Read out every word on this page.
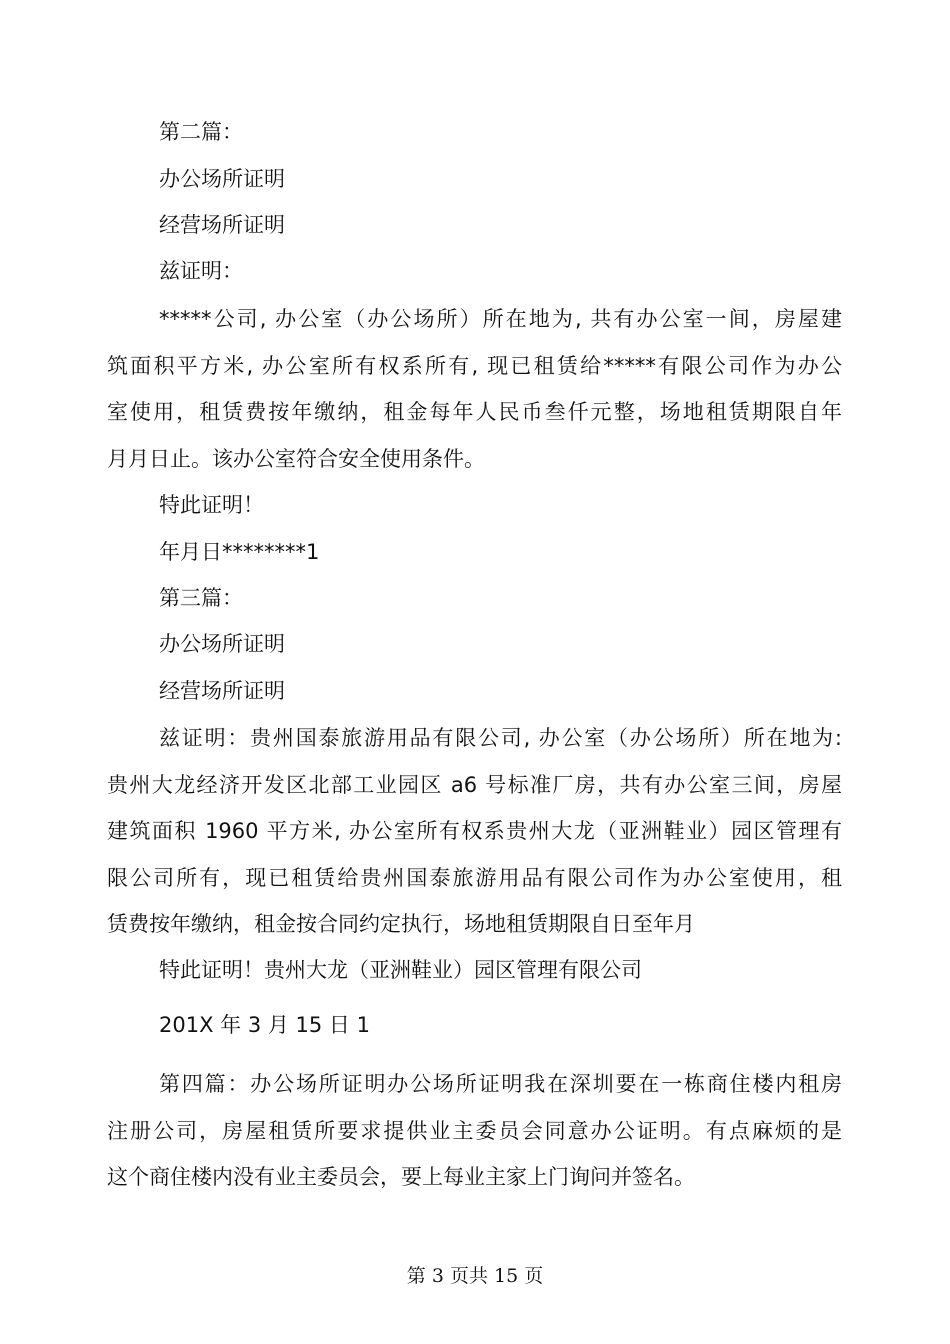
第二篇：
办公场所证明
经营场所证明
兹证明：
*****公司, 办公室（办公场所）所在地为, 共有办公室一间，房屋建
筑面积平方米, 办公室所有权系所有, 现已租赁给*****有限公司作为办公
室使用，租赁费按年缴纳，租金每年人民币叁仟元整，场地租赁期限自年
月月日止。该办公室符合安全使用条件。
特此证明！
年月日********1
第三篇：
办公场所证明
经营场所证明
兹证明：贵州国泰旅游用品有限公司, 办公室（办公场所）所在地为:
贵州大龙经济开发区北部工业园区 a6 号标准厂房，共有办公室三间，房屋
建筑面积 1960 平方米, 办公室所有权系贵州大龙（亚洲鞋业）园区管理有
限公司所有，现已租赁给贵州国泰旅游用品有限公司作为办公室使用，租
赁费按年缴纳，租金按合同约定执行，场地租赁期限自日至年月
特此证明！贵州大龙（亚洲鞋业）园区管理有限公司
201X 年 3 月 15 日 1
第四篇：办公场所证明办公场所证明我在深圳要在一栋商住楼内租房
注册公司，房屋租赁所要求提供业主委员会同意办公证明。有点麻烦的是
这个商住楼内没有业主委员会，要上每业主家上门询问并签名。
第 3 页共 15 页
